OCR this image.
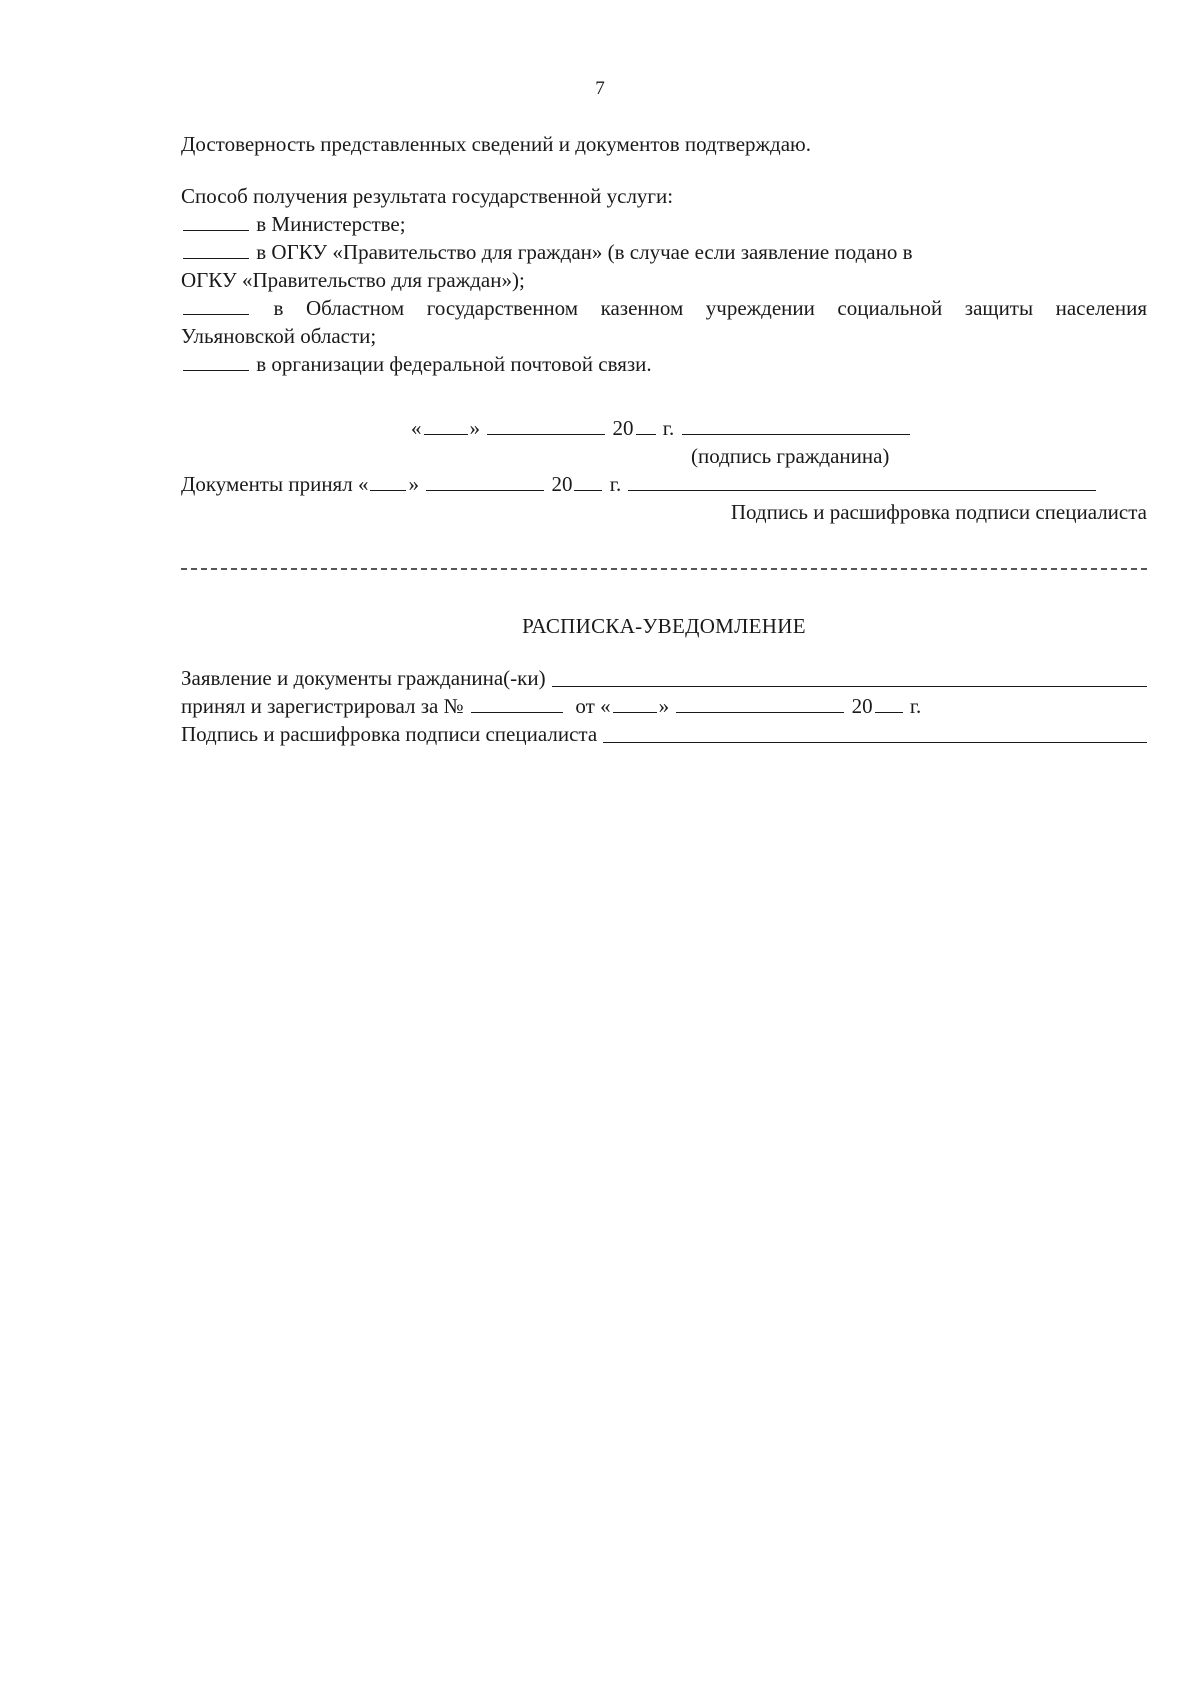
7
Достоверность представленных сведений и документов подтверждаю.
Способ получения результата государственной услуги:
в Министерстве;
в ОГКУ «Правительство для граждан» (в случае если заявление подано в
ОГКУ «Правительство для граждан»);
в Областном государственном казенном учреждении социальной защиты населения
Ульяновской области;
в организации федеральной почтовой связи.
« »	20 г.
(подпись гражданина)
Документы принял « »	20 г.
Подпись и расшифровка подписи специалиста
РАСПИСКА-УВЕДОМЛЕНИЕ
Заявление и документы гражданина(-ки)
принял и зарегистрировал за №	от « »	20 г.
Подпись и расшифровка подписи специалиста
